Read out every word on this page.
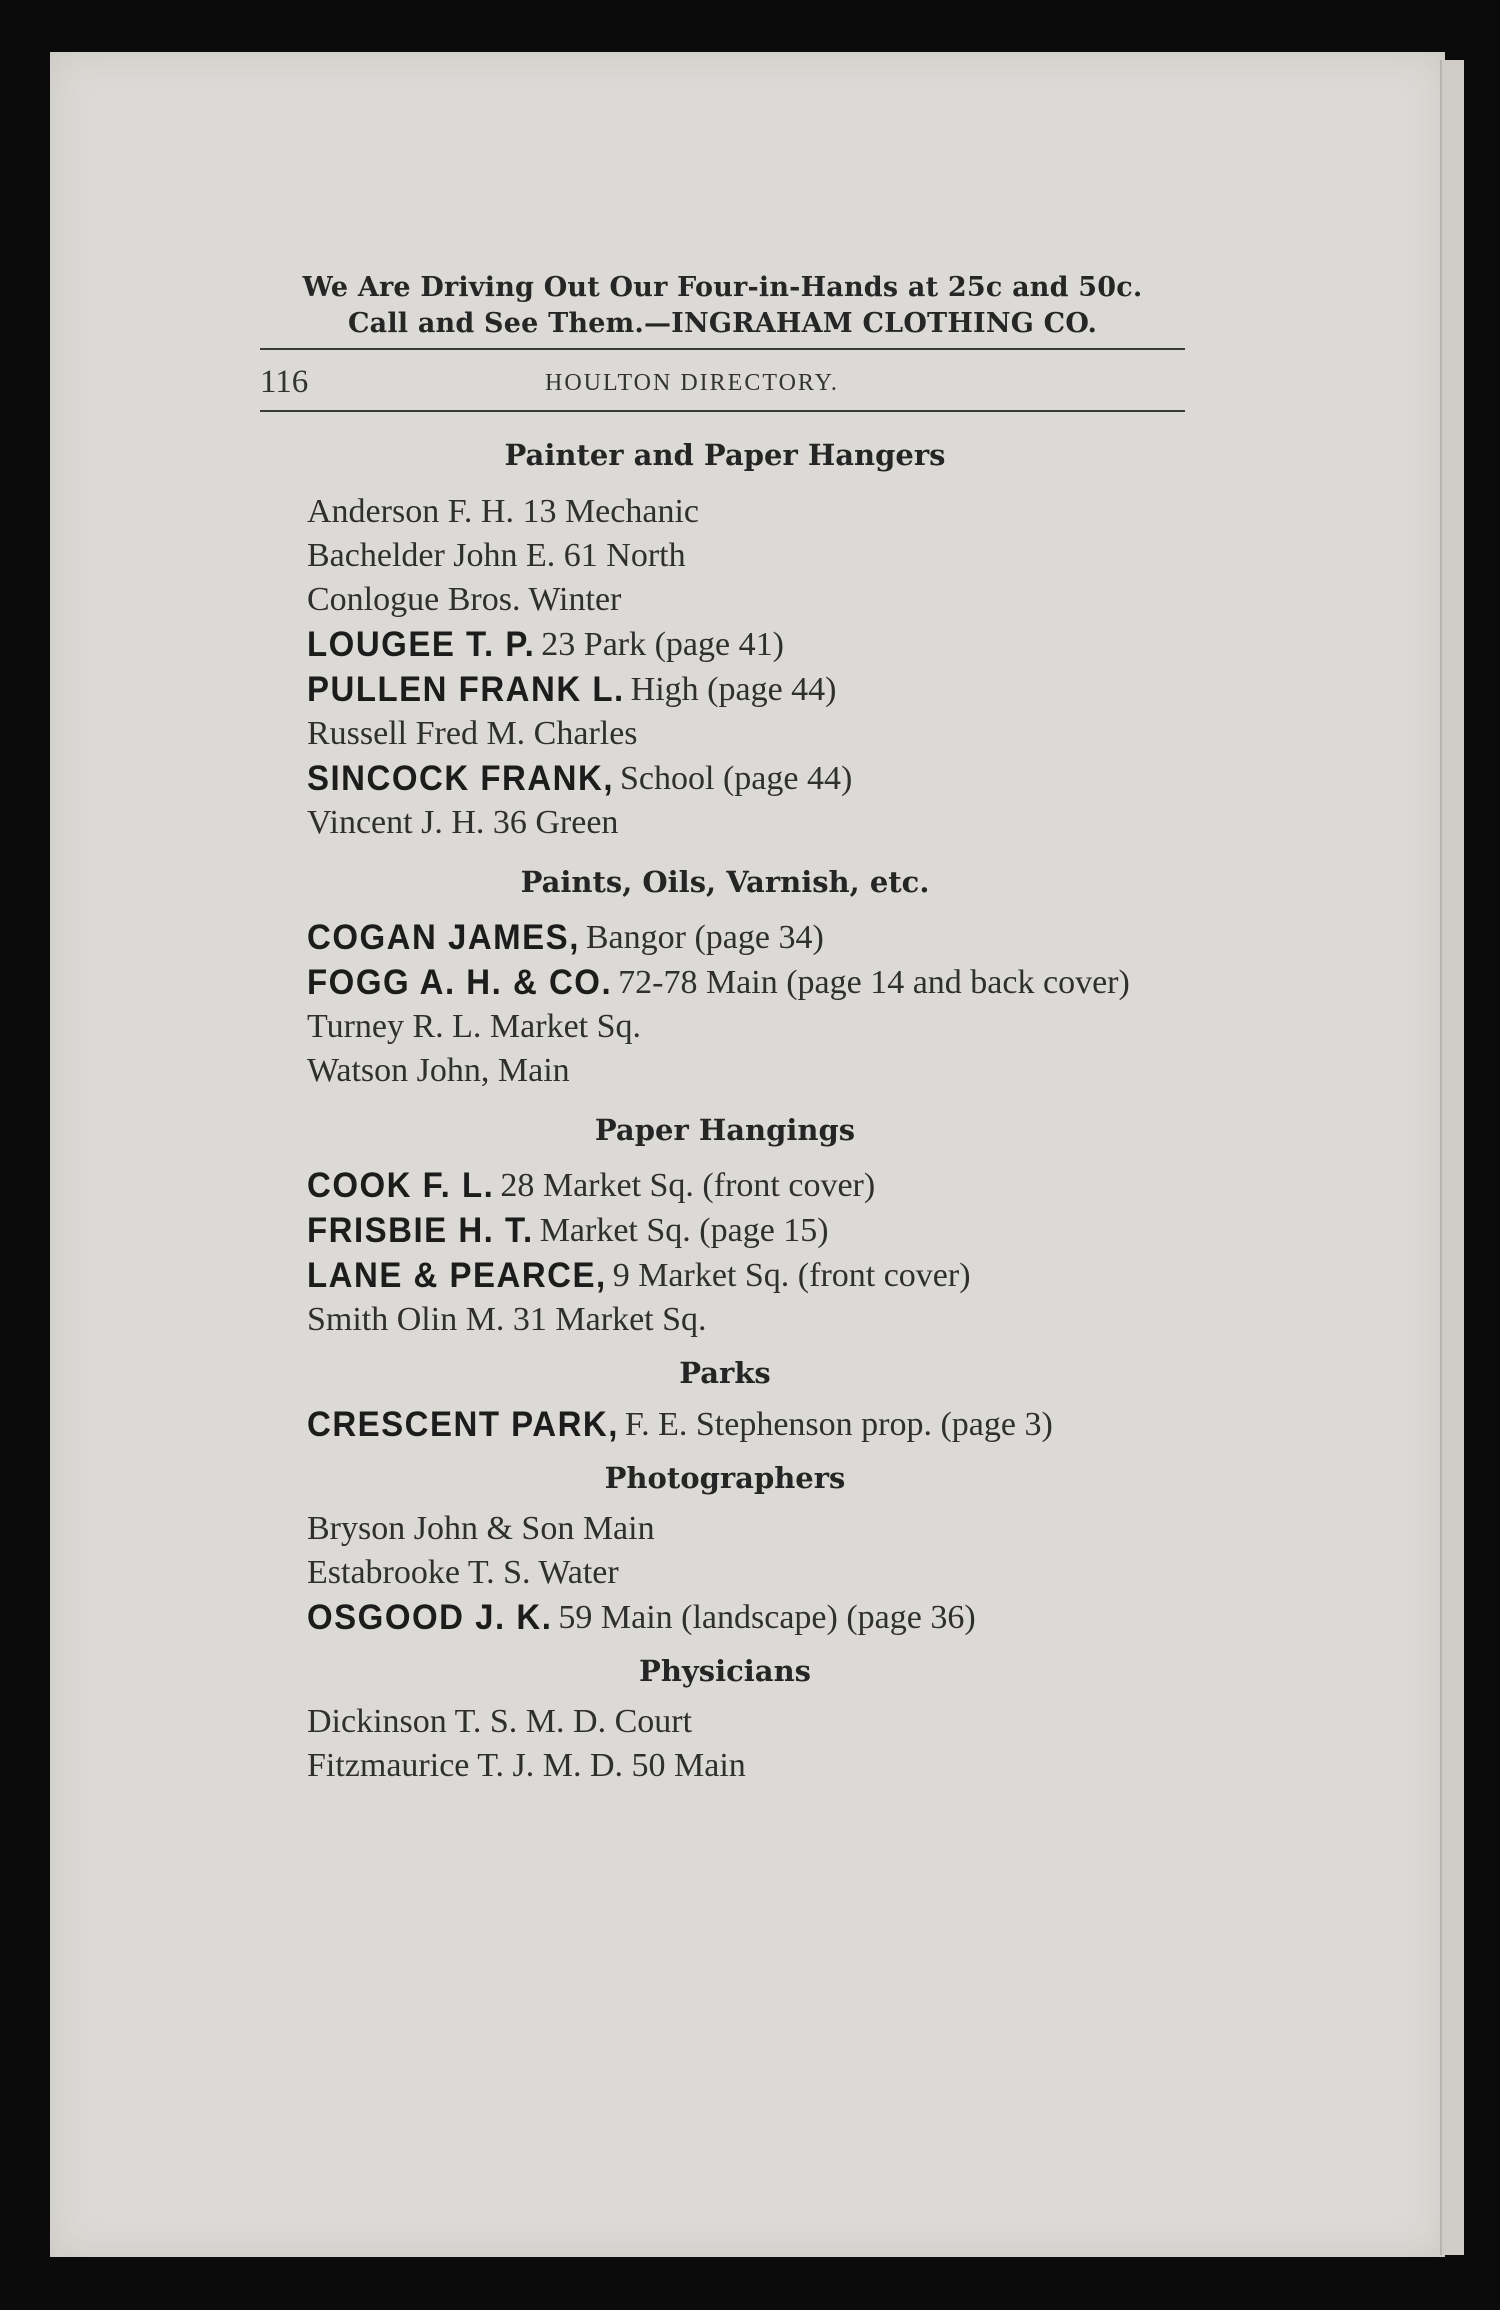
We Are Driving Out Our Four-in-Hands at 25c and 50c.
Call and See Them.—INGRAHAM CLOTHING CO.
116	HOULTON DIRECTORY.
Painter and Paper Hangers
Anderson F. H. 13 Mechanic
Bachelder John E. 61 North
Conlogue Bros. Winter
LOUGEE T. P. 23 Park (page 41)
PULLEN FRANK L. High (page 44)
Russell Fred M. Charles
SINCOCK FRANK, School (page 44)
Vincent J. H. 36 Green
Paints, Oils, Varnish, etc.
COGAN JAMES, Bangor (page 34)
FOGG A. H. & CO. 72-78 Main (page 14 and back cover)
Turney R. L. Market Sq.
Watson John, Main
Paper Hangings
COOK F. L. 28 Market Sq. (front cover)
FRISBIE H. T. Market Sq. (page 15)
LANE & PEARCE, 9 Market Sq. (front cover)
Smith Olin M. 31 Market Sq.
Parks
CRESCENT PARK, F. E. Stephenson prop. (page 3)
Photographers
Bryson John & Son Main
Estabrooke T. S. Water
OSGOOD J. K. 59 Main (landscape) (page 36)
Physicians
Dickinson T. S. M. D. Court
Fitzmaurice T. J. M. D. 50 Main
